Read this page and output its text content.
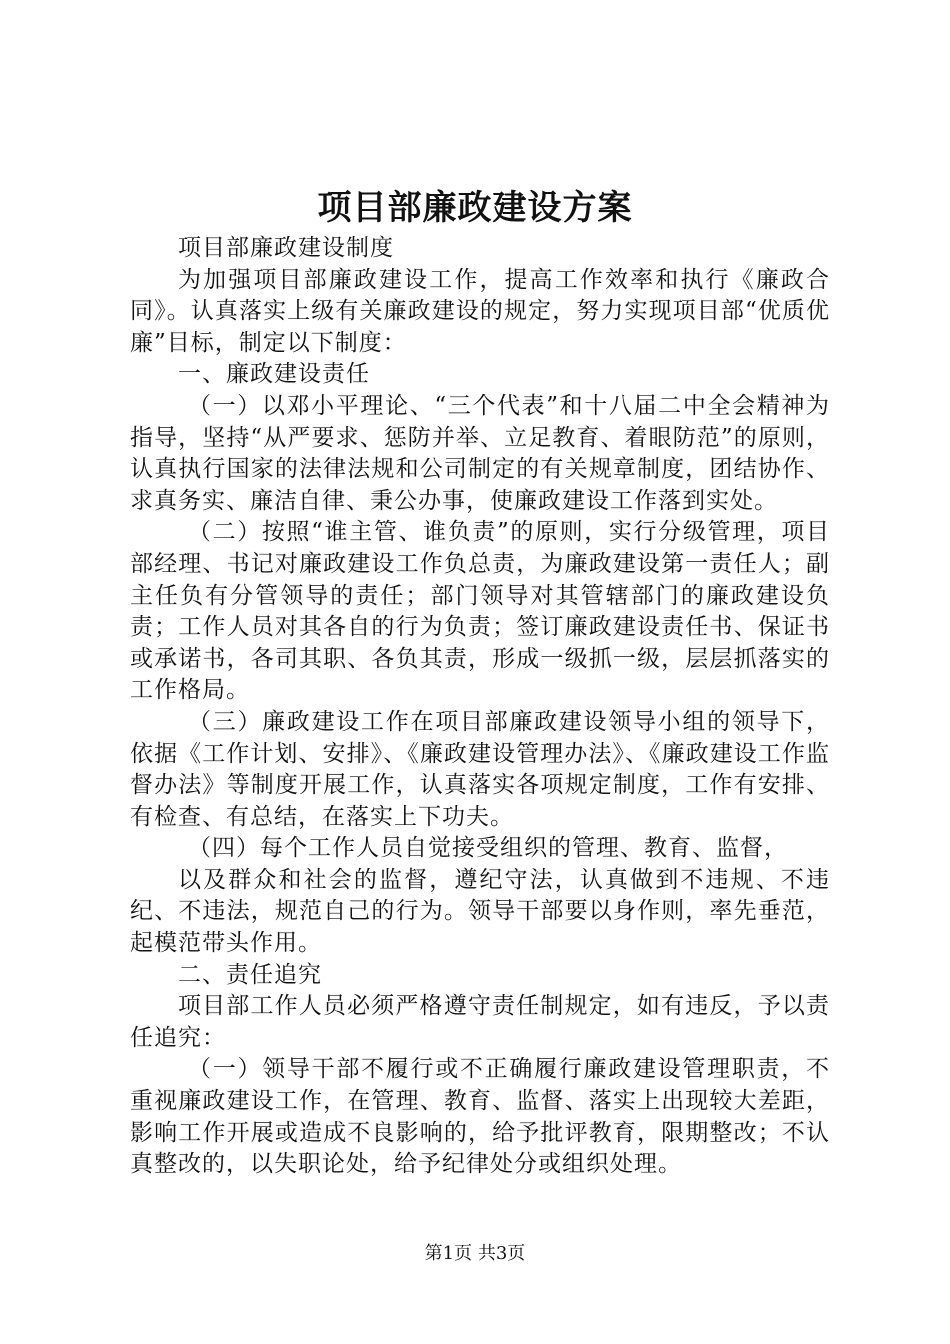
项目部廉政建设方案

项目部廉政建设制度

为加强项目部廉政建设工作，提高工作效率和执行《廉政合同》。认真落实上级有关廉政建设的规定，努力实现项目部“优质优廉”目标，制定以下制度：

一、廉政建设责任

（一）以邓小平理论、“三个代表”和十八届二中全会精神为指导，坚持“从严要求、惩防并举、立足教育、着眼防范”的原则，认真执行国家的法律法规和公司制定的有关规章制度，团结协作、求真务实、廉洁自律、秉公办事，使廉政建设工作落到实处。

（二）按照“谁主管、谁负责”的原则，实行分级管理，项目部经理、书记对廉政建设工作负总责，为廉政建设第一责任人；副主任负有分管领导的责任；部门领导对其管辖部门的廉政建设负责；工作人员对其各自的行为负责；签订廉政建设责任书、保证书或承诺书，各司其职、各负其责，形成一级抓一级，层层抓落实的工作格局。

（三）廉政建设工作在项目部廉政建设领导小组的领导下，依据《工作计划、安排》、《廉政建设管理办法》、《廉政建设工作监督办法》等制度开展工作，认真落实各项规定制度，工作有安排、有检查、有总结，在落实上下功夫。

（四）每个工作人员自觉接受组织的管理、教育、监督，

以及群众和社会的监督，遵纪守法，认真做到不违规、不违纪、不违法，规范自己的行为。领导干部要以身作则，率先垂范，起模范带头作用。

二、责任追究

项目部工作人员必须严格遵守责任制规定，如有违反，予以责任追究：

（一）领导干部不履行或不正确履行廉政建设管理职责，不重视廉政建设工作，在管理、教育、监督、落实上出现较大差距，影响工作开展或造成不良影响的，给予批评教育，限期整改；不认真整改的，以失职论处，给予纪律处分或组织处理。

第1页 共3页
